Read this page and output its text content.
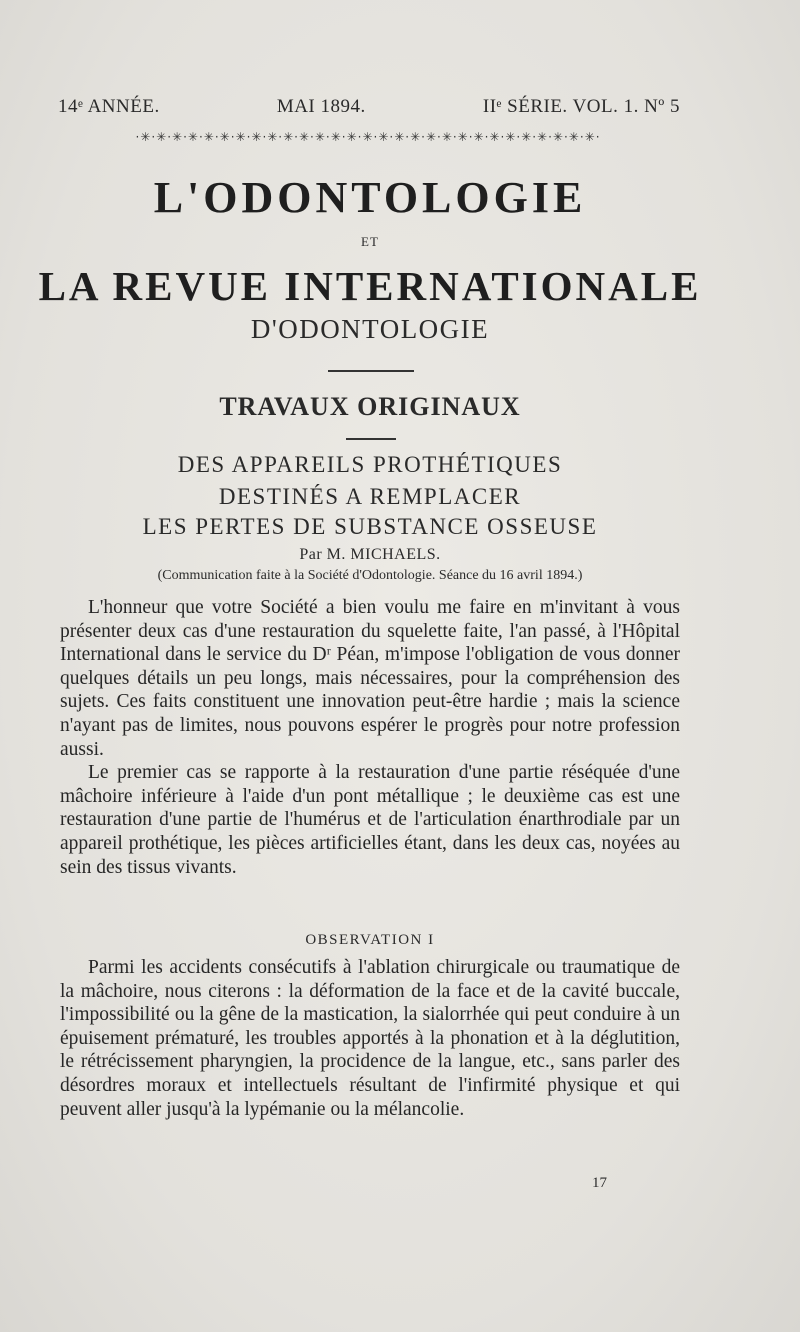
14ᵉ ANNÉE.	MAI 1894.	IIᵉ SÉRIE. VOL. 1. Nº 5
·✳·✳·✳·✳·✳·✳·✳·✳·✳·✳·✳·✳·✳·✳·✳·✳·✳·✳·✳·✳·✳·✳·✳·✳·✳·✳·✳·✳·✳·
L'ODONTOLOGIE
ET
LA REVUE INTERNATIONALE
D'ODONTOLOGIE
TRAVAUX ORIGINAUX
DES APPAREILS PROTHÉTIQUES
DESTINÉS A REMPLACER
LES PERTES DE SUBSTANCE OSSEUSE
Par M. MICHAELS.
(Communication faite à la Société d'Odontologie. Séance du 16 avril 1894.)

L'honneur que votre Société a bien voulu me faire en m'invitant à vous présenter deux cas d'une restauration du squelette faite, l'an passé, à l'Hôpital International dans le service du Dʳ Péan, m'impose l'obligation de vous donner quelques détails un peu longs, mais nécessaires, pour la compréhension des sujets. Ces faits constituent une innovation peut-être hardie ; mais la science n'ayant pas de limites, nous pouvons espérer le progrès pour notre profession aussi.

Le premier cas se rapporte à la restauration d'une partie réséquée d'une mâchoire inférieure à l'aide d'un pont métallique ; le deuxième cas est une restauration d'une partie de l'humérus et de l'articulation énarthrodiale par un appareil prothétique, les pièces artificielles étant, dans les deux cas, noyées au sein des tissus vivants.

OBSERVATION I

Parmi les accidents consécutifs à l'ablation chirurgicale ou traumatique de la mâchoire, nous citerons : la déformation de la face et de la cavité buccale, l'impossibilité ou la gêne de la mastication, la sialorrhée qui peut conduire à un épuisement prématuré, les troubles apportés à la phonation et à la déglutition, le rétrécissement pharyngien, la procidence de la langue, etc., sans parler des désordres moraux et intellectuels résultant de l'infirmité physique et qui peuvent aller jusqu'à la lypémanie ou la mélancolie.

17
